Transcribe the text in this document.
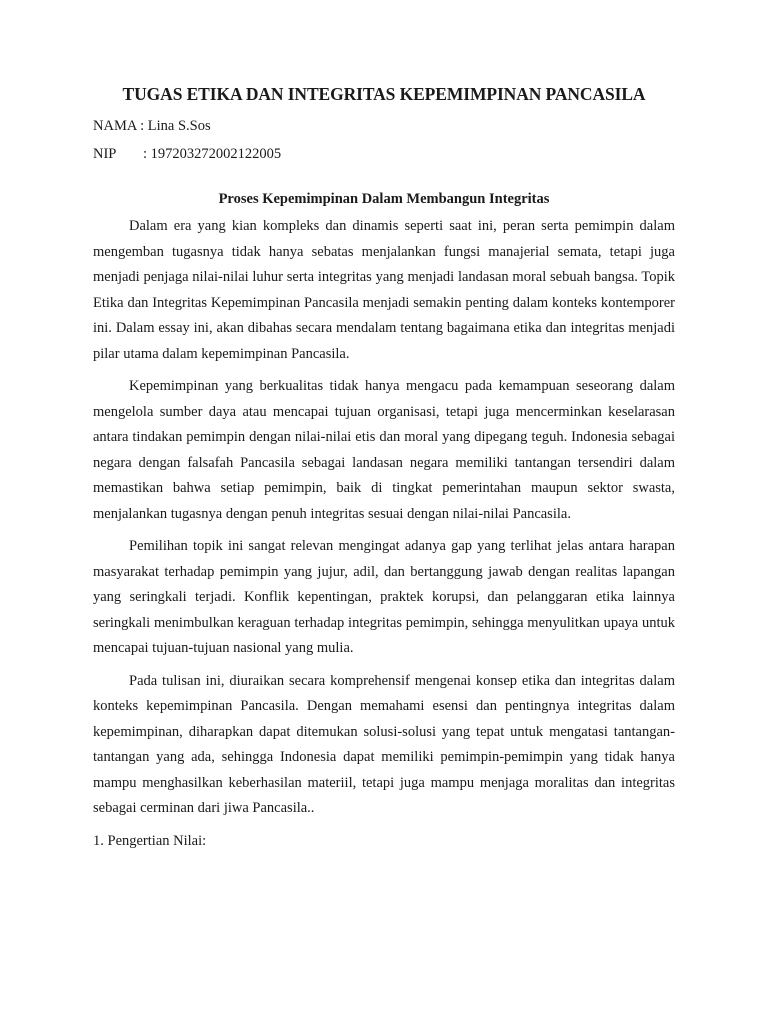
TUGAS ETIKA DAN INTEGRITAS KEPEMIMPINAN PANCASILA
NAMA : Lina S.Sos
NIP	: 197203272002122005
Proses Kepemimpinan Dalam Membangun Integritas

Dalam era yang kian kompleks dan dinamis seperti saat ini, peran serta pemimpin dalam mengemban tugasnya tidak hanya sebatas menjalankan fungsi manajerial semata, tetapi juga menjadi penjaga nilai-nilai luhur serta integritas yang menjadi landasan moral sebuah bangsa. Topik Etika dan Integritas Kepemimpinan Pancasila menjadi semakin penting dalam konteks kontemporer ini. Dalam essay ini, akan dibahas secara mendalam tentang bagaimana etika dan integritas menjadi pilar utama dalam kepemimpinan Pancasila.

Kepemimpinan yang berkualitas tidak hanya mengacu pada kemampuan seseorang dalam mengelola sumber daya atau mencapai tujuan organisasi, tetapi juga mencerminkan keselarasan antara tindakan pemimpin dengan nilai-nilai etis dan moral yang dipegang teguh. Indonesia sebagai negara dengan falsafah Pancasila sebagai landasan negara memiliki tantangan tersendiri dalam memastikan bahwa setiap pemimpin, baik di tingkat pemerintahan maupun sektor swasta, menjalankan tugasnya dengan penuh integritas sesuai dengan nilai-nilai Pancasila.

Pemilihan topik ini sangat relevan mengingat adanya gap yang terlihat jelas antara harapan masyarakat terhadap pemimpin yang jujur, adil, dan bertanggung jawab dengan realitas lapangan yang seringkali terjadi. Konflik kepentingan, praktek korupsi, dan pelanggaran etika lainnya seringkali menimbulkan keraguan terhadap integritas pemimpin, sehingga menyulitkan upaya untuk mencapai tujuan-tujuan nasional yang mulia.

Pada tulisan ini, diuraikan secara komprehensif mengenai konsep etika dan integritas dalam konteks kepemimpinan Pancasila. Dengan memahami esensi dan pentingnya integritas dalam kepemimpinan, diharapkan dapat ditemukan solusi-solusi yang tepat untuk mengatasi tantangan-tantangan yang ada, sehingga Indonesia dapat memiliki pemimpin-pemimpin yang tidak hanya mampu menghasilkan keberhasilan materiil, tetapi juga mampu menjaga moralitas dan integritas sebagai cerminan dari jiwa Pancasila..

1. Pengertian Nilai:
